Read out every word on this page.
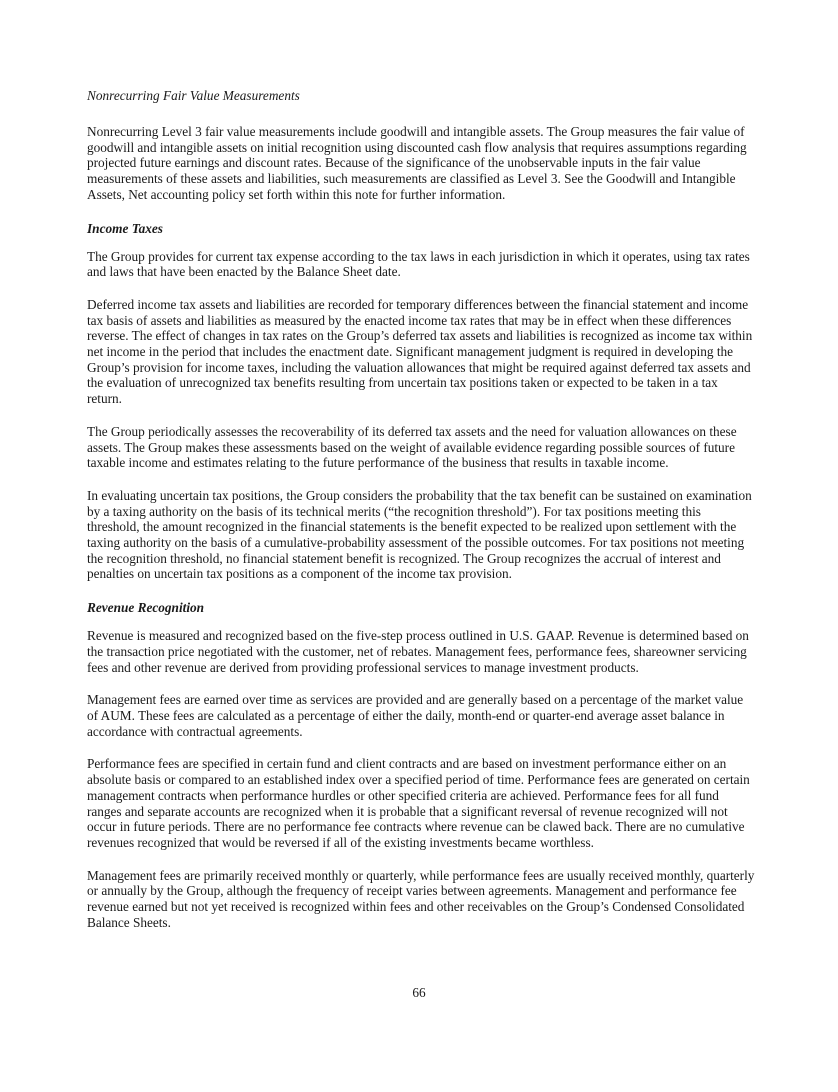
Nonrecurring Fair Value Measurements

Nonrecurring Level 3 fair value measurements include goodwill and intangible assets. The Group measures the fair value of goodwill and intangible assets on initial recognition using discounted cash flow analysis that requires assumptions regarding projected future earnings and discount rates. Because of the significance of the unobservable inputs in the fair value measurements of these assets and liabilities, such measurements are classified as Level 3. See the Goodwill and Intangible Assets, Net accounting policy set forth within this note for further information.

Income Taxes

The Group provides for current tax expense according to the tax laws in each jurisdiction in which it operates, using tax rates and laws that have been enacted by the Balance Sheet date.

Deferred income tax assets and liabilities are recorded for temporary differences between the financial statement and income tax basis of assets and liabilities as measured by the enacted income tax rates that may be in effect when these differences reverse. The effect of changes in tax rates on the Group’s deferred tax assets and liabilities is recognized as income tax within net income in the period that includes the enactment date. Significant management judgment is required in developing the Group’s provision for income taxes, including the valuation allowances that might be required against deferred tax assets and the evaluation of unrecognized tax benefits resulting from uncertain tax positions taken or expected to be taken in a tax return.

The Group periodically assesses the recoverability of its deferred tax assets and the need for valuation allowances on these assets. The Group makes these assessments based on the weight of available evidence regarding possible sources of future taxable income and estimates relating to the future performance of the business that results in taxable income.

In evaluating uncertain tax positions, the Group considers the probability that the tax benefit can be sustained on examination by a taxing authority on the basis of its technical merits (“the recognition threshold”). For tax positions meeting this threshold, the amount recognized in the financial statements is the benefit expected to be realized upon settlement with the taxing authority on the basis of a cumulative-probability assessment of the possible outcomes. For tax positions not meeting the recognition threshold, no financial statement benefit is recognized. The Group recognizes the accrual of interest and penalties on uncertain tax positions as a component of the income tax provision.

Revenue Recognition

Revenue is measured and recognized based on the five-step process outlined in U.S. GAAP. Revenue is determined based on the transaction price negotiated with the customer, net of rebates. Management fees, performance fees, shareowner servicing fees and other revenue are derived from providing professional services to manage investment products.

Management fees are earned over time as services are provided and are generally based on a percentage of the market value of AUM. These fees are calculated as a percentage of either the daily, month-end or quarter-end average asset balance in accordance with contractual agreements.

Performance fees are specified in certain fund and client contracts and are based on investment performance either on an absolute basis or compared to an established index over a specified period of time. Performance fees are generated on certain management contracts when performance hurdles or other specified criteria are achieved. Performance fees for all fund ranges and separate accounts are recognized when it is probable that a significant reversal of revenue recognized will not occur in future periods. There are no performance fee contracts where revenue can be clawed back. There are no cumulative revenues recognized that would be reversed if all of the existing investments became worthless.

Management fees are primarily received monthly or quarterly, while performance fees are usually received monthly, quarterly or annually by the Group, although the frequency of receipt varies between agreements. Management and performance fee revenue earned but not yet received is recognized within fees and other receivables on the Group’s Condensed Consolidated Balance Sheets.

66
